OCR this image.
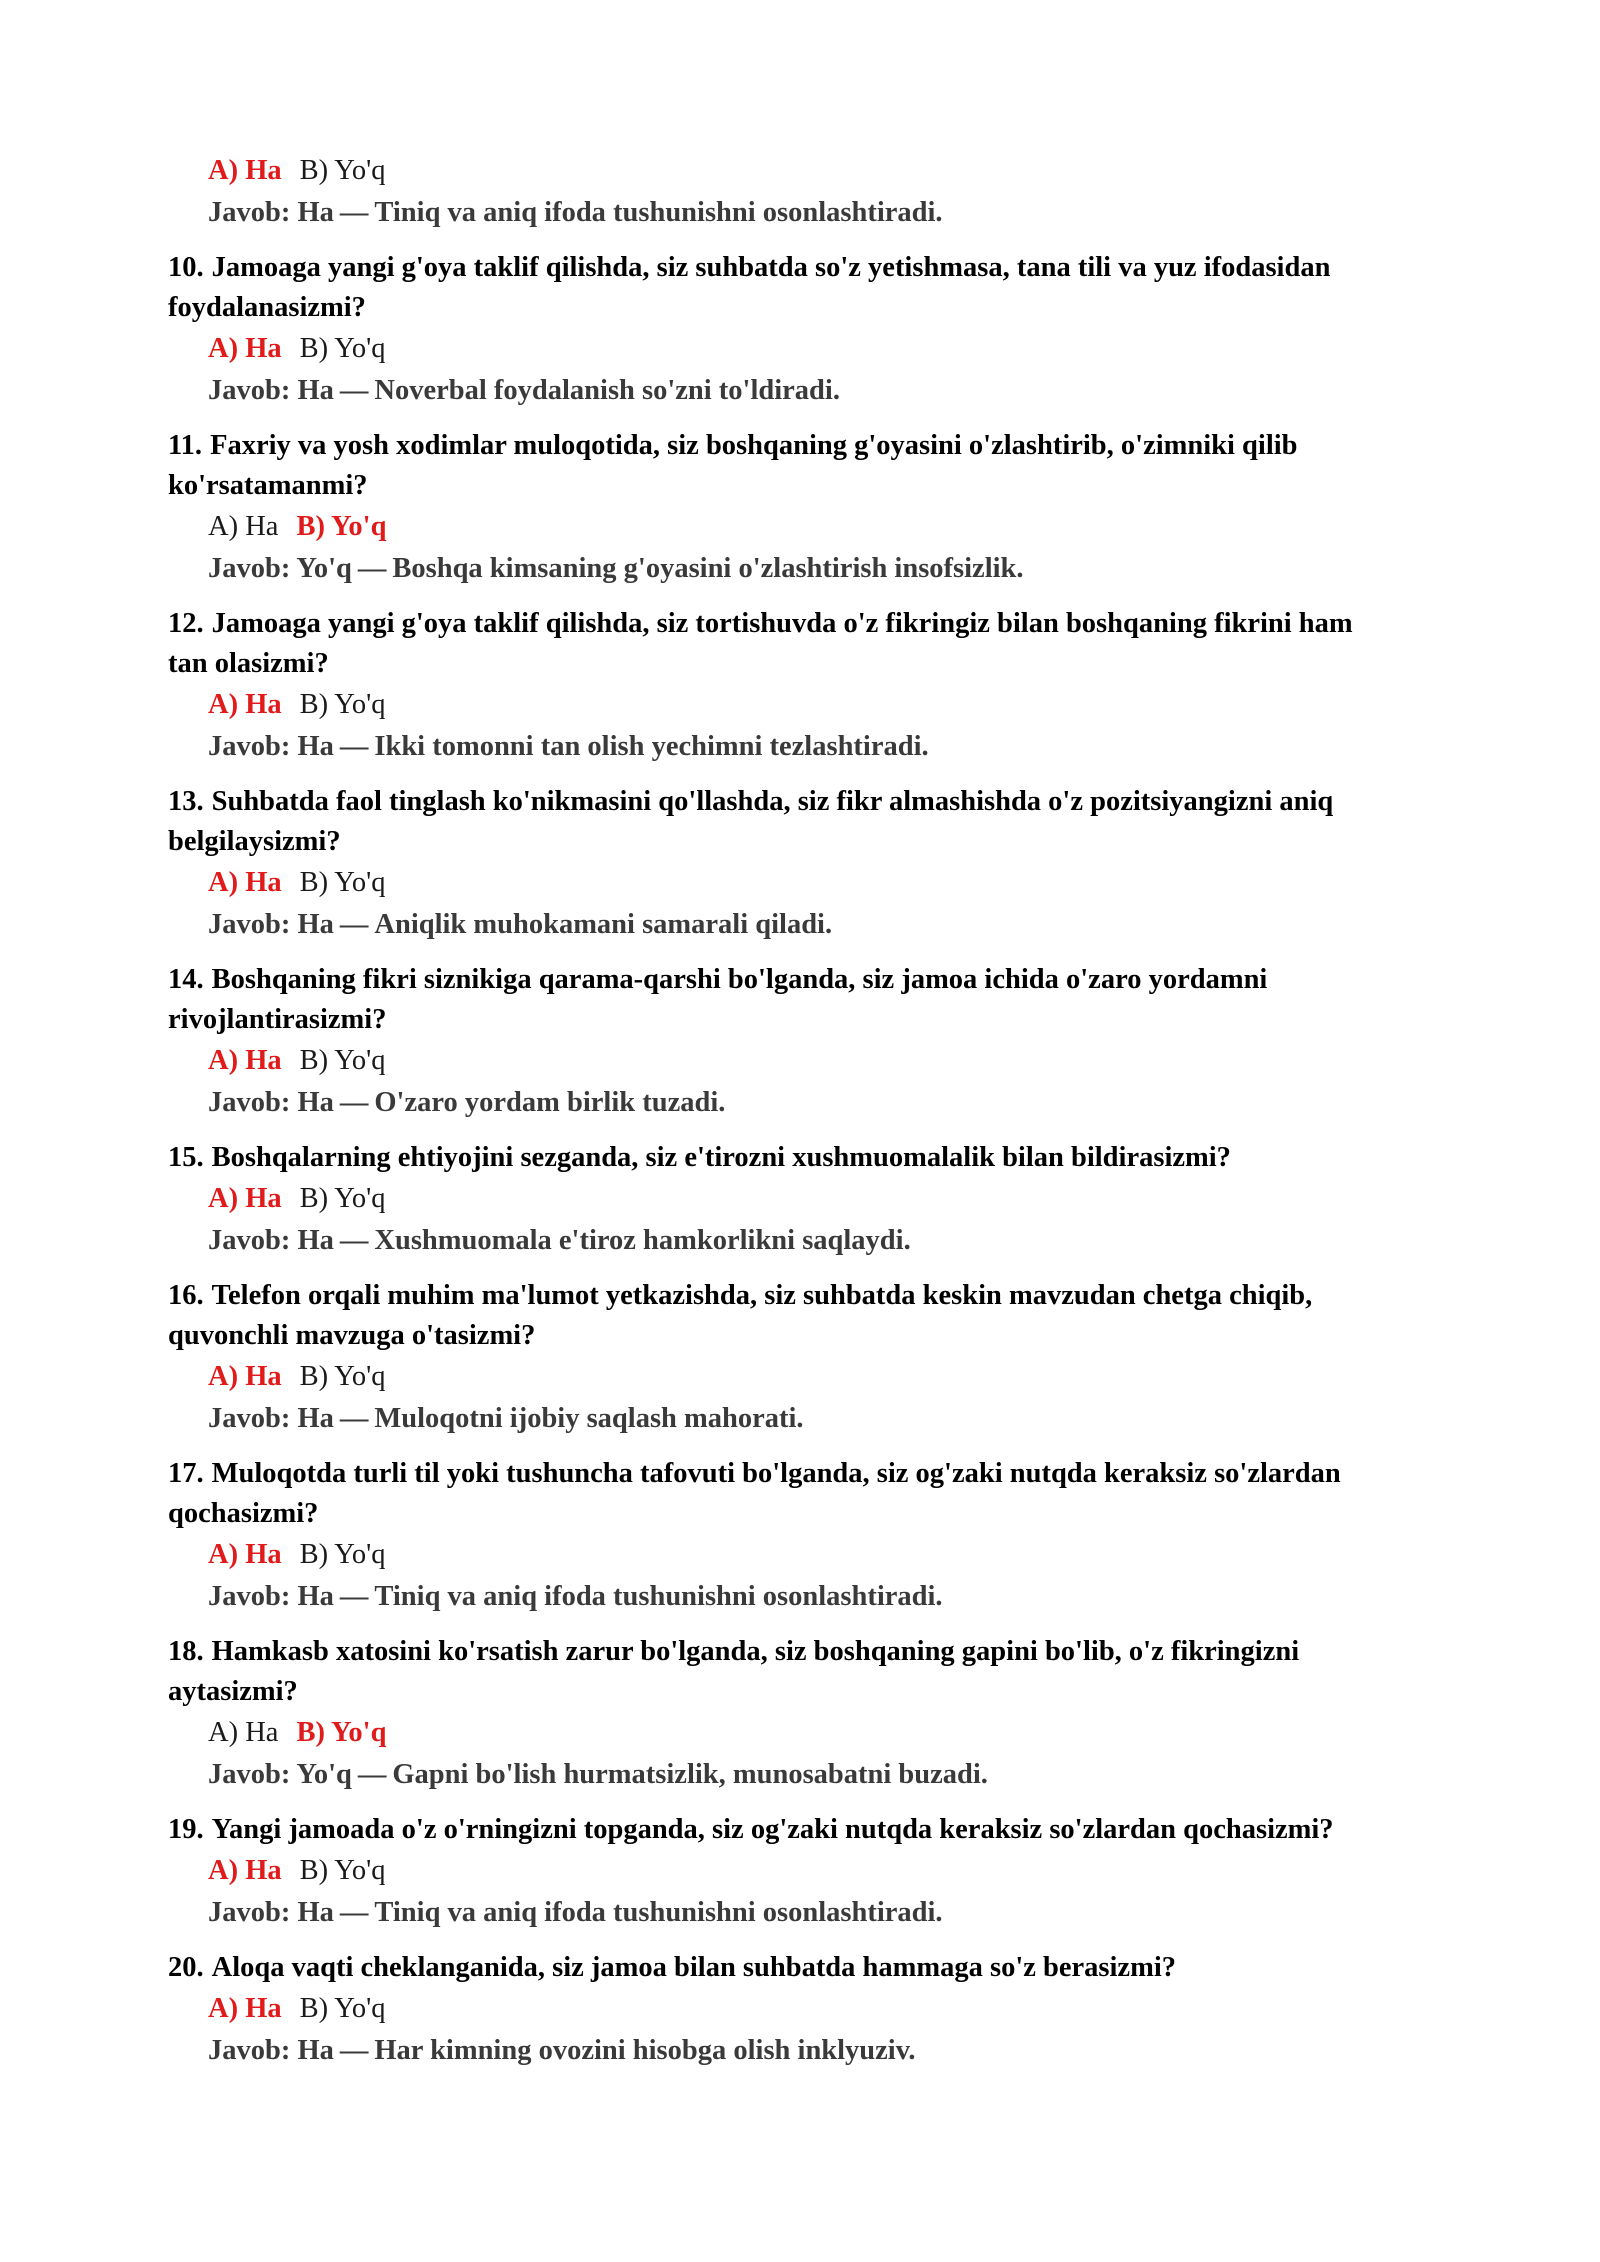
A) Ha B) Yo'q
Javob: Ha — Tiniq va aniq ifoda tushunishni osonlashtiradi.

10. Jamoaga yangi g'oya taklif qilishda, siz suhbatda so'z yetishmasa, tana tili va yuz ifodasidan
foydalanasizmi?

A) Ha B) Yo'q
Javob: Ha — Noverbal foydalanish so'zni to'ldiradi.

11. Faxriy va yosh xodimlar muloqotida, siz boshqaning g'oyasini o'zlashtirib, o'zimniki qilib
ko'rsatamanmi?

A) Ha B) Yo'q
Javob: Yo'q — Boshqa kimsaning g'oyasini o'zlashtirish insofsizlik.

12. Jamoaga yangi g'oya taklif qilishda, siz tortishuvda o'z fikringiz bilan boshqaning fikrini ham
tan olasizmi?

A) Ha B) Yo'q
Javob: Ha — Ikki tomonni tan olish yechimni tezlashtiradi.

13. Suhbatda faol tinglash ko'nikmasini qo'llashda, siz fikr almashishda o'z pozitsiyangizni aniq
belgilaysizmi?

A) Ha B) Yo'q
Javob: Ha — Aniqlik muhokamani samarali qiladi.

14. Boshqaning fikri siznikiga qarama-qarshi bo'lganda, siz jamoa ichida o'zaro yordamni
rivojlantirasizmi?

A) Ha B) Yo'q
Javob: Ha — O'zaro yordam birlik tuzadi.

15. Boshqalarning ehtiyojini sezganda, siz e'tirozni xushmuomalalik bilan bildirasizmi?

A) Ha B) Yo'q
Javob: Ha — Xushmuomala e'tiroz hamkorlikni saqlaydi.

16. Telefon orqali muhim ma'lumot yetkazishda, siz suhbatda keskin mavzudan chetga chiqib,
quvonchli mavzuga o'tasizmi?

A) Ha B) Yo'q
Javob: Ha — Muloqotni ijobiy saqlash mahorati.

17. Muloqotda turli til yoki tushuncha tafovuti bo'lganda, siz og'zaki nutqda keraksiz so'zlardan
qochasizmi?

A) Ha B) Yo'q
Javob: Ha — Tiniq va aniq ifoda tushunishni osonlashtiradi.

18. Hamkasb xatosini ko'rsatish zarur bo'lganda, siz boshqaning gapini bo'lib, o'z fikringizni
aytasizmi?

A) Ha B) Yo'q
Javob: Yo'q — Gapni bo'lish hurmatsizlik, munosabatni buzadi.

19. Yangi jamoada o'z o'rningizni topganda, siz og'zaki nutqda keraksiz so'zlardan qochasizmi?

A) Ha B) Yo'q
Javob: Ha — Tiniq va aniq ifoda tushunishni osonlashtiradi.

20. Aloqa vaqti cheklanganida, siz jamoa bilan suhbatda hammaga so'z berasizmi?

A) Ha B) Yo'q
Javob: Ha — Har kimning ovozini hisobga olish inklyuziv.
